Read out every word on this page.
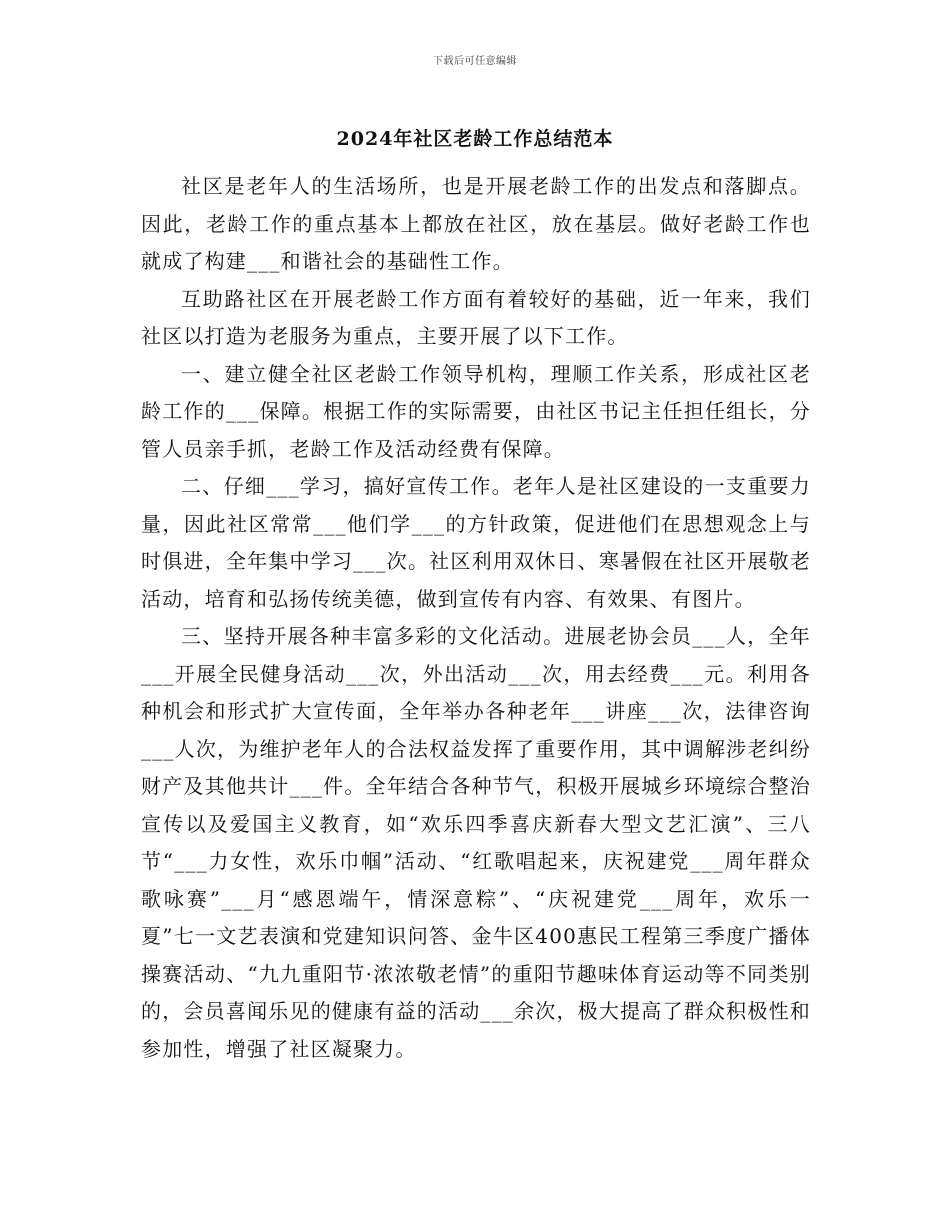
下载后可任意编辑
2024年社区老龄工作总结范本

社区是老年人的生活场所，也是开展老龄工作的出发点和落脚点。因此，老龄工作的重点基本上都放在社区，放在基层。做好老龄工作也就成了构建___和谐社会的基础性工作。

互助路社区在开展老龄工作方面有着较好的基础，近一年来，我们社区以打造为老服务为重点，主要开展了以下工作。

一、建立健全社区老龄工作领导机构，理顺工作关系，形成社区老龄工作的___保障。根据工作的实际需要，由社区书记主任担任组长，分管人员亲手抓，老龄工作及活动经费有保障。

二、仔细___学习，搞好宣传工作。老年人是社区建设的一支重要力量，因此社区常常___他们学___的方针政策，促进他们在思想观念上与时俱进，全年集中学习___次。社区利用双休日、寒暑假在社区开展敬老活动，培育和弘扬传统美德，做到宣传有内容、有效果、有图片。

三、坚持开展各种丰富多彩的文化活动。进展老协会员___人，全年___开展全民健身活动___次，外出活动___次，用去经费___元。利用各种机会和形式扩大宣传面，全年举办各种老年___讲座___次，法律咨询___人次，为维护老年人的合法权益发挥了重要作用，其中调解涉老纠纷财产及其他共计___件。全年结合各种节气，积极开展城乡环境综合整治宣传以及爱国主义教育，如“欢乐四季喜庆新春大型文艺汇演”、三八节“___力女性，欢乐巾帼”活动、“红歌唱起来，庆祝建党___周年群众歌咏赛”___月“感恩端午，情深意粽”、“庆祝建党___周年，欢乐一夏”七一文艺表演和党建知识问答、金牛区400惠民工程第三季度广播体操赛活动、“九九重阳节·浓浓敬老情”的重阳节趣味体育运动等不同类别的，会员喜闻乐见的健康有益的活动___余次，极大提高了群众积极性和参加性，增强了社区凝聚力。
